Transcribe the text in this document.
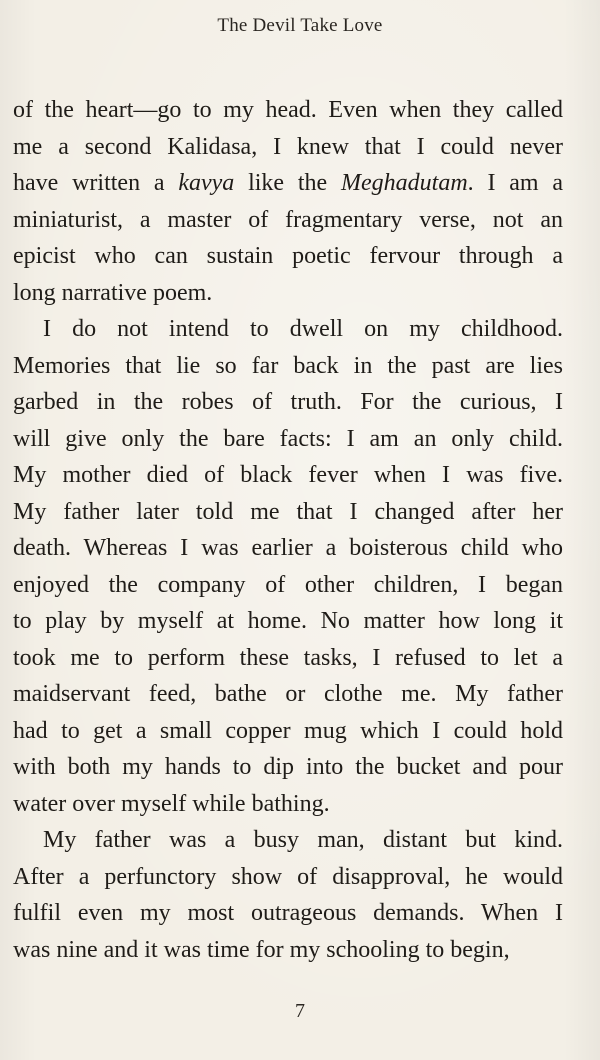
The Devil Take Love
of the heart—go to my head. Even when they called
me a second Kalidasa, I knew that I could never
have written a kavya like the Meghadutam. I am a
miniaturist, a master of fragmentary verse, not an
epicist who can sustain poetic fervour through a
long narrative poem.
I do not intend to dwell on my childhood.
Memories that lie so far back in the past are lies
garbed in the robes of truth. For the curious, I
will give only the bare facts: I am an only child.
My mother died of black fever when I was five.
My father later told me that I changed after her
death. Whereas I was earlier a boisterous child who
enjoyed the company of other children, I began
to play by myself at home. No matter how long it
took me to perform these tasks, I refused to let a
maidservant feed, bathe or clothe me. My father
had to get a small copper mug which I could hold
with both my hands to dip into the bucket and pour
water over myself while bathing.
My father was a busy man, distant but kind.
After a perfunctory show of disapproval, he would
fulfil even my most outrageous demands. When I
was nine and it was time for my schooling to begin,
7
